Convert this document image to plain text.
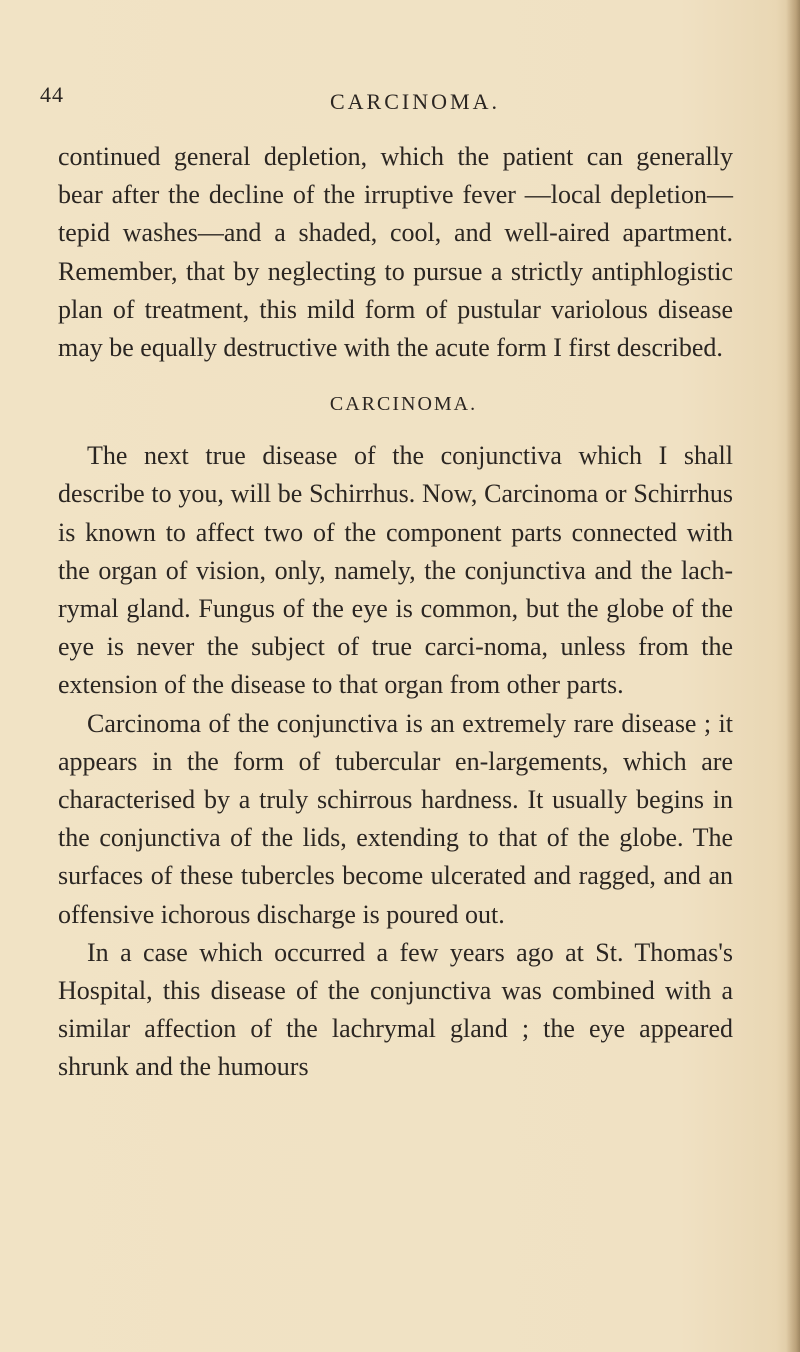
44	CARCINOMA.

continued general depletion, which the patient can generally bear after the decline of the irruptive fever —local depletion—tepid washes—and a shaded, cool, and well-aired apartment. Remember, that by neglecting to pursue a strictly antiphlogistic plan of treatment, this mild form of pustular variolous disease may be equally destructive with the acute form I first described.

CARCINOMA.

The next true disease of the conjunctiva which I shall describe to you, will be Schirrhus. Now, Carcinoma or Schirrhus is known to affect two of the component parts connected with the organ of vision, only, namely, the conjunctiva and the lach-rymal gland. Fungus of the eye is common, but the globe of the eye is never the subject of true carci-noma, unless from the extension of the disease to that organ from other parts.

Carcinoma of the conjunctiva is an extremely rare disease ; it appears in the form of tubercular en-largements, which are characterised by a truly schirrous hardness. It usually begins in the conjunctiva of the lids, extending to that of the globe. The surfaces of these tubercles become ulcerated and ragged, and an offensive ichorous discharge is poured out.

In a case which occurred a few years ago at St. Thomas's Hospital, this disease of the conjunctiva was combined with a similar affection of the lachrymal gland ; the eye appeared shrunk and the humours
